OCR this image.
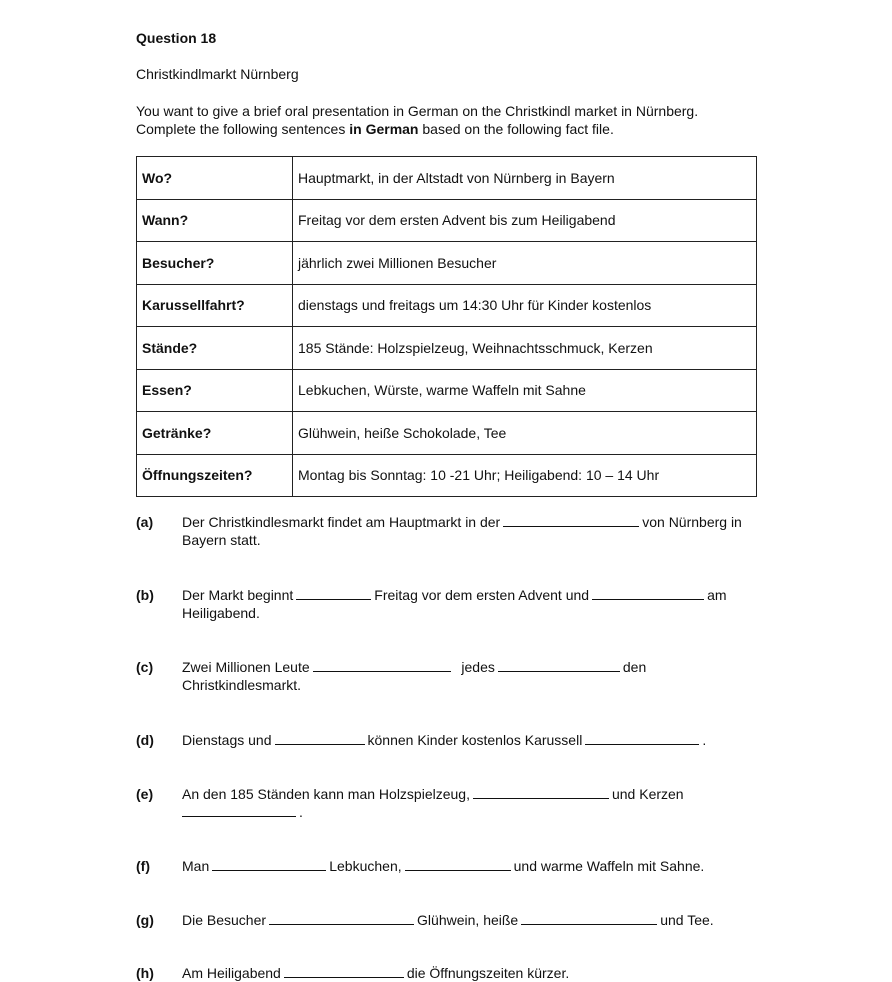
Question 18
Christkindlmarkt Nürnberg
You want to give a brief oral presentation in German on the Christkindl market in Nürnberg.
Complete the following sentences in German based on the following fact file.
Wo?	Hauptmarkt, in der Altstadt von Nürnberg in Bayern
Wann?	Freitag vor dem ersten Advent bis zum Heiligabend
Besucher?	jährlich zwei Millionen Besucher
Karussellfahrt?	dienstags und freitags um 14:30 Uhr für Kinder kostenlos
Stände?	185 Stände: Holzspielzeug, Weihnachtsschmuck, Kerzen
Essen?	Lebkuchen, Würste, warme Waffeln mit Sahne
Getränke?	Glühwein, heiße Schokolade, Tee
Öffnungszeiten?	Montag bis Sonntag: 10 -21 Uhr; Heiligabend: 10 – 14 Uhr
(a) Der Christkindlesmarkt findet am Hauptmarkt in der	von Nürnberg in
Bayern statt.
(b) Der Markt beginnt	Freitag vor dem ersten Advent und	am
Heiligabend.
(c) Zwei Millionen Leute	jedes	den
Christkindlesmarkt.
(d) Dienstags und	können Kinder kostenlos Karussell	.
(e) An den 185 Ständen kann man Holzspielzeug,	und Kerzen
.
(f) Man	Lebkuchen,	und warme Waffeln mit Sahne.
(g) Die Besucher	Glühwein, heiße	und Tee.
(h) Am Heiligabend	die Öffnungszeiten kürzer.
